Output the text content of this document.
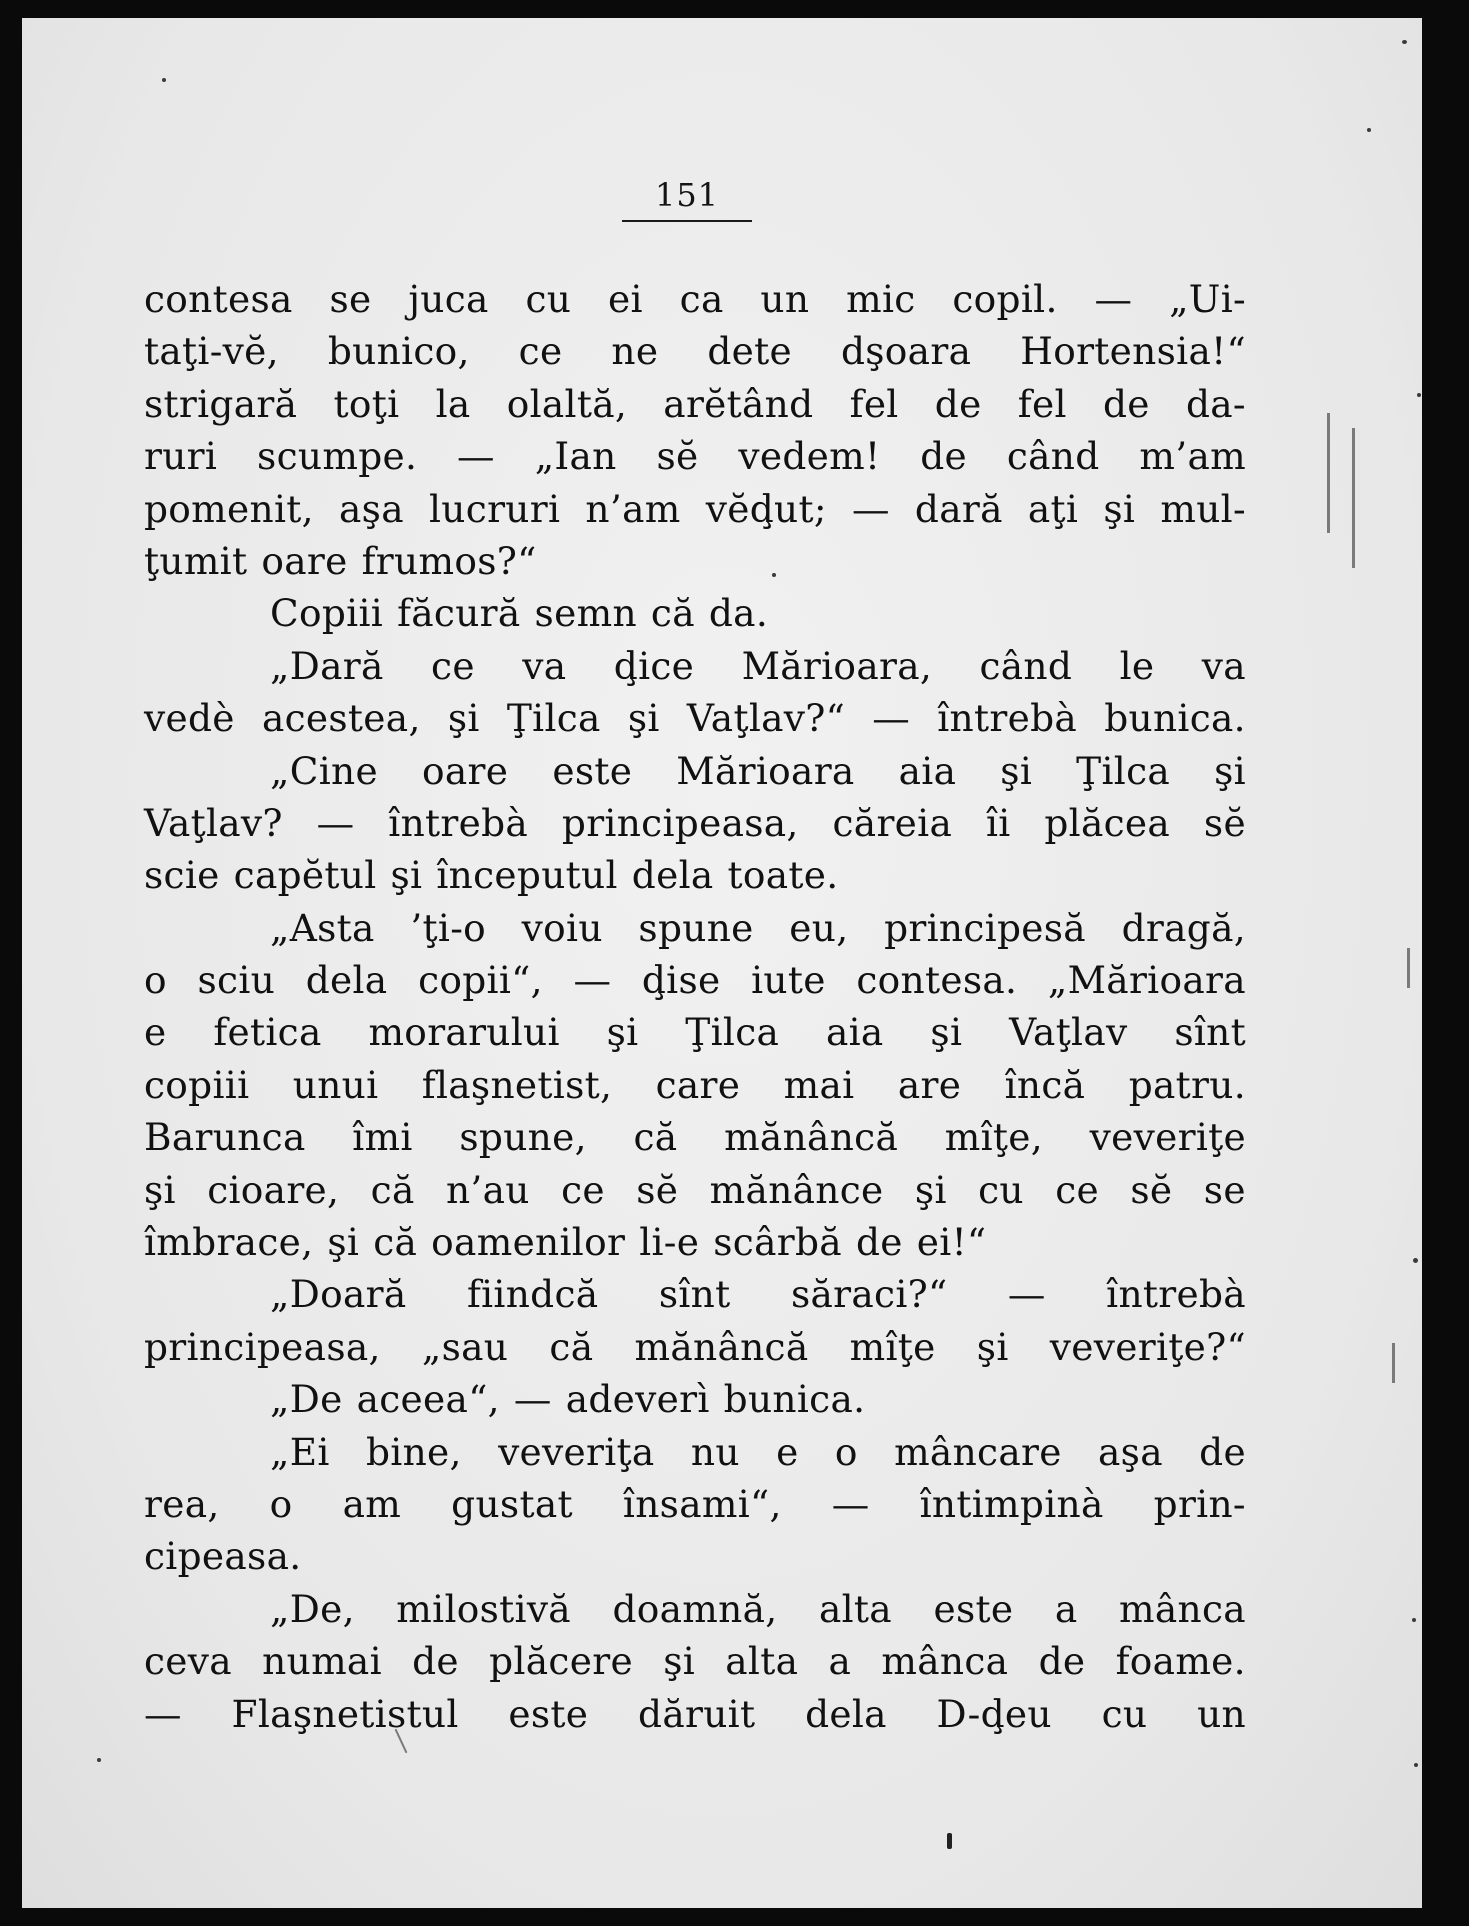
151
contesa se juca cu ei ca un mic copil. — „Ui-
taţi-vĕ, bunico, ce ne dete dşoara Hortensia!“
strigară toţi la olaltă, arĕtând fel de fel de da-
ruri scumpe. — „Ian sĕ vedem! de când m’am
pomenit, aşa lucruri n’am vĕḑut; — dară aţi şi mul-
ţumit oare frumos?“
Copiii făcură semn că da.
„Dară ce va ḑice Mărioara, când le va
vedè acestea, şi Ţilca şi Vaţlav?“ — întrebà bunica.
„Cine oare este Mărioara aia şi Ţilca şi
Vaţlav? — întrebà principeasa, căreia îi plăcea sĕ
scie capĕtul şi începutul dela toate.
„Asta ’ţi-o voiu spune eu, principesă dragă,
o sciu dela copii“, — ḑise iute contesa. „Mărioara
e fetica morarului şi Ţilca aia şi Vaţlav sînt
copiii unui flaşnetist, care mai are încă patru.
Barunca îmi spune, că mănâncă mîţe, veveriţe
şi cioare, că n’au ce sĕ mănânce şi cu ce sĕ se
îmbrace, şi că oamenilor li-e scârbă de ei!“
„Doară fiindcă sînt săraci?“ — întrebà
principeasa, „sau că mănâncă mîţe şi veveriţe?“
„De aceea“, — adeverì bunica.
„Ei bine, veveriţa nu e o mâncare aşa de
rea, o am gustat însami“, — întimpinà prin-
cipeasa.
„De, milostivă doamnă, alta este a mânca
ceva numai de plăcere şi alta a mânca de foame.
— Flaşnetistul este dăruit dela D-ḑeu cu un
